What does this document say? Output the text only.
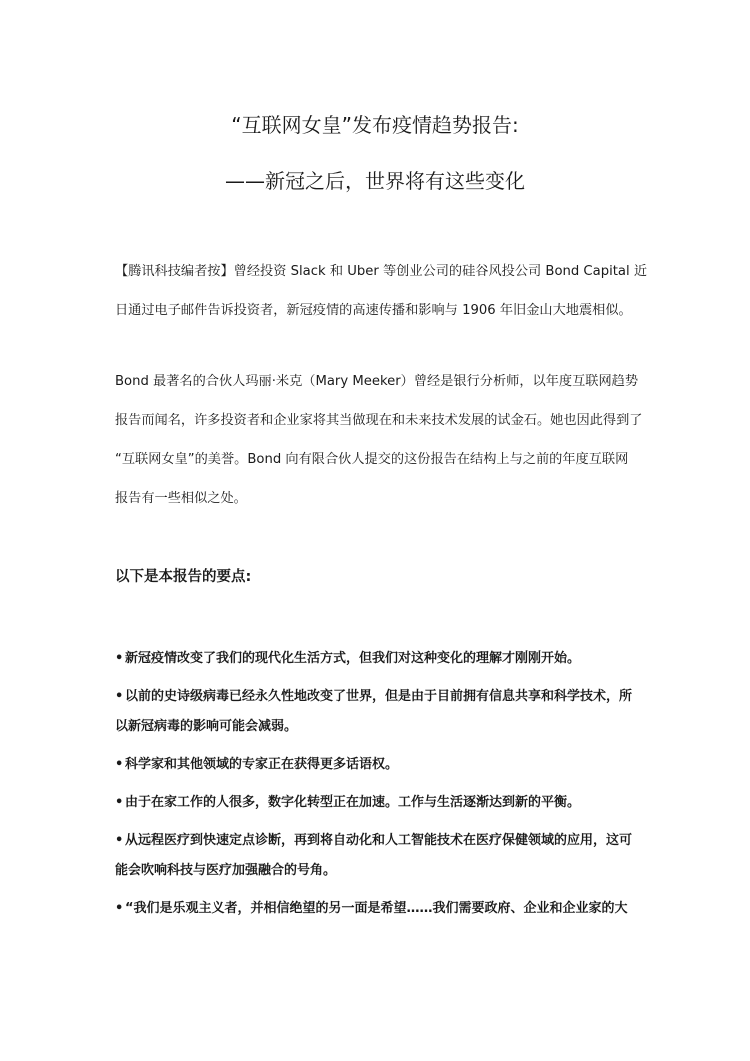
“互联网女皇”发布疫情趋势报告:
——新冠之后，世界将有这些变化

【腾讯科技编者按】曾经投资 Slack 和 Uber 等创业公司的硅谷风投公司 Bond Capital 近
日通过电子邮件告诉投资者，新冠疫情的高速传播和影响与 1906 年旧金山大地震相似。

Bond 最著名的合伙人玛丽·米克（Mary Meeker）曾经是银行分析师，以年度互联网趋势
报告而闻名，许多投资者和企业家将其当做现在和未来技术发展的试金石。她也因此得到了
“互联网女皇”的美誉。Bond 向有限合伙人提交的这份报告在结构上与之前的年度互联网
报告有一些相似之处。

以下是本报告的要点:
• 新冠疫情改变了我们的现代化生活方式，但我们对这种变化的理解才刚刚开始。
• 以前的史诗级病毒已经永久性地改变了世界，但是由于目前拥有信息共享和科学技术，所
以新冠病毒的影响可能会减弱。
• 科学家和其他领域的专家正在获得更多话语权。
• 由于在家工作的人很多，数字化转型正在加速。工作与生活逐渐达到新的平衡。
• 从远程医疗到快速定点诊断，再到将自动化和人工智能技术在医疗保健领域的应用，这可
能会吹响科技与医疗加强融合的号角。
• “我们是乐观主义者，并相信绝望的另一面是希望……我们需要政府、企业和企业家的大
